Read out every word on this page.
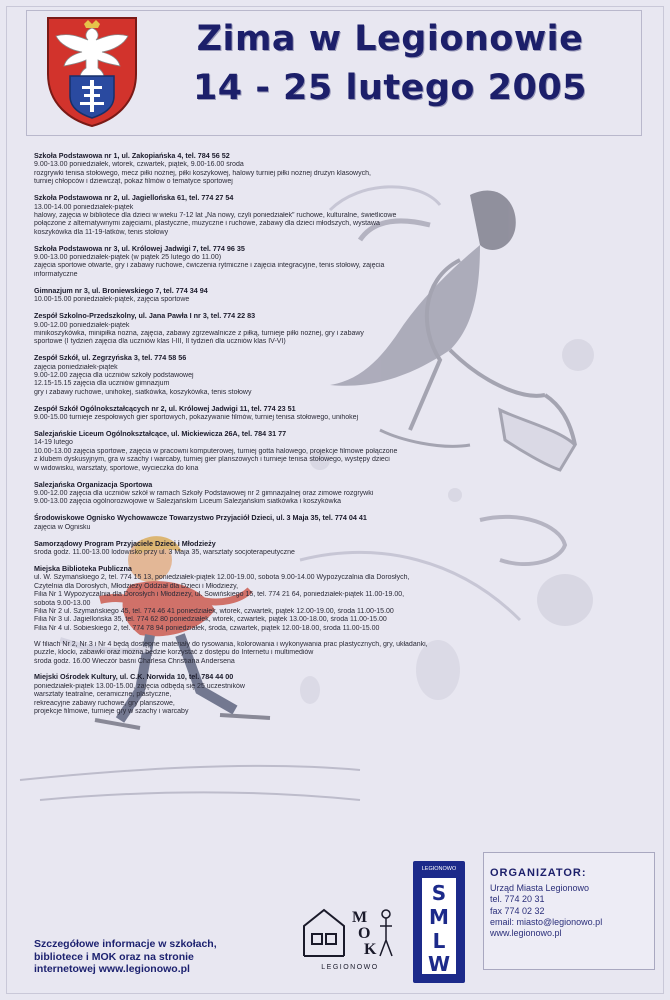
Zima w Legionowie
14 - 25 lutego 2005
Szkoła Podstawowa nr 1, ul. Zakopiańska 4, tel. 784 56 52
9.00-13.00 poniedziałek, wtorek, czwartek, piątek, 9.00-16.00 środa
rozgrywki tenisa stołowego, mecz piłki nożnej, piłki koszykowej, halowy turniej piłki nożnej drużyn klasowych,
turniej chłopców i dziewcząt, pokaz filmów o tematyce sportowej
Szkoła Podstawowa nr 2, ul. Jagiellońska 61, tel. 774 27 54
13.00-14.00 poniedziałek-piątek
halowy, zajęcia w bibliotece dla dzieci w wieku 7-12 lat „Na nowy, czyli poniedziałek” ruchowe, kulturalne, świetlicowe
połączone z alternatywnymi zajęciami, plastyczne, muzyczne i ruchowe, zabawy dla dzieci młodszych, wystawa
koszykówka dla 11-19-latków, tenis stołowy
Szkoła Podstawowa nr 3, ul. Królowej Jadwigi 7, tel. 774 96 35
9.00-13.00 poniedziałek-piątek (w piątek 25 lutego do 11.00)
zajęcia sportowe otwarte, gry i zabawy ruchowe, ćwiczenia rytmiczne i zajęcia integracyjne, tenis stołowy, zajęcia
informatyczne
Gimnazjum nr 3, ul. Broniewskiego 7, tel. 774 34 94
10.00-15.00 poniedziałek-piątek, zajęcia sportowe
Zespół Szkolno-Przedszkolny, ul. Jana Pawła I nr 3, tel. 774 22 83
9.00-12.00 poniedziałek-piątek
minikoszykówka, minipiłka nożna, zajęcia, zabawy zgrzewalnicze z piłką, turnieje piłki nożnej, gry i zabawy
sportowe (I tydzień zajęcia dla uczniów klas I-III, II tydzień dla uczniów klas IV-VI)
Zespół Szkół, ul. Zegrzyńska 3, tel. 774 58 56
zajęcia poniedziałek-piątek
9.00-12.00 zajęcia dla uczniów szkoły podstawowej
12.15-15.15 zajęcia dla uczniów gimnazjum
gry i zabawy ruchowe, unihokej, siatkówka, koszykówka, tenis stołowy
Zespół Szkół Ogólnokształcących nr 2, ul. Królowej Jadwigi 11, tel. 774 23 51
9.00-15.00 turnieje zespołowych gier sportowych, pokazywanie filmów, turniej tenisa stołowego, unihokej
Salezjańskie Liceum Ogólnokształcące, ul. Mickiewicza 26A, tel. 784 31 77
14-19 lutego
10.00-13.00 zajęcia sportowe, zajęcia w pracowni komputerowej, turniej gotta halowego, projekcje filmowe połączone
z klubem dyskusyjnym, gra w szachy i warcaby, turniej gier planszowych i turnieje tenisa stołowego, występy dzieci
w widowisku, warsztaty, sportowe, wycieczka do kina
Salezjańska Organizacja Sportowa
9.00-12.00 zajęcia dla uczniów szkół w ramach Szkoły Podstawowej nr 2 gimnazjalnej oraz zimowe rozgrywki
9.00-13.00 zajęcia ogólnorozwojowe w Salezjańskim Liceum Salezjańskim siatkówka i koszykówka
Środowiskowe Ognisko Wychowawcze Towarzystwo Przyjaciół Dzieci, ul. 3 Maja 35, tel. 774 04 41
zajęcia w Ognisku
Samorządowy Program Przyjaciele Dzieci i Młodzieży
środa godz. 11.00-13.00 lodowisko przy ul. 3 Maja 35, warsztaty socjoterapeutyczne
Miejska Biblioteka Publiczna
ul. W. Szymańskiego 2, tel. 774 15 13, poniedziałek-piątek 12.00-19.00, sobota 9.00-14.00 Wypożyczalnia dla Dorosłych,
Czytelnia dla Dorosłych, Młodzieży Oddział dla Dzieci i Młodzieży,
Filia Nr 1 Wypożyczalnia dla Dorosłych i Młodzieży, ul. Sowińskiego 15, tel. 774 21 64, poniedziałek-piątek 11.00-19.00,
sobota 9.00-13.00
Filia Nr 2 ul. Szymańskiego 45, tel. 774 46 41 poniedziałek, wtorek, czwartek, piątek 12.00-19.00, środa 11.00-15.00
Filia Nr 3 ul. Jagiellońska 35, tel. 774 62 80 poniedziałek, wtorek, czwartek, piątek 13.00-18.00, środa 11.00-15.00
Filia Nr 4 ul. Sobieskiego 2, tel. 774 78 94 poniedziałek, środa, czwartek, piątek 12.00-18.00, środa 11.00-15.00
W filiach Nr 2, Nr 3 i Nr 4 będą dostępne materiały do rysowania, kolorowania i wykonywania prac plastycznych, gry, układanki,
puzzle, klocki, zabawki oraz można będzie korzystać z dostępu do Internetu i multimediów
środa godz. 16.00 Wieczór baśni Charlesa Christiana Andersena
Miejski Ośrodek Kultury, ul. C.K. Norwida 10, tel. 784 44 00
poniedziałek-piątek 13.00-15.00, zajęcia odbędą się 25 uczestników
warsztaty teatralne, ceramiczne, plastyczne,
rekreacyjne zabawy ruchowe, gry planszowe,
projekcje filmowe, turnieje gry w szachy i warcaby
Szczegółowe informacje w szkołach,
bibliotece i MOK oraz na stronie
internetowej www.legionowo.pl
M
O
K
LEGIONOWO
LEGIONOWO
S
M
L
W
ORGANIZATOR:
Urząd Miasta Legionowo
tel. 774 20 31
fax 774 02 32
email: miasto@legionowo.pl
www.legionowo.pl
